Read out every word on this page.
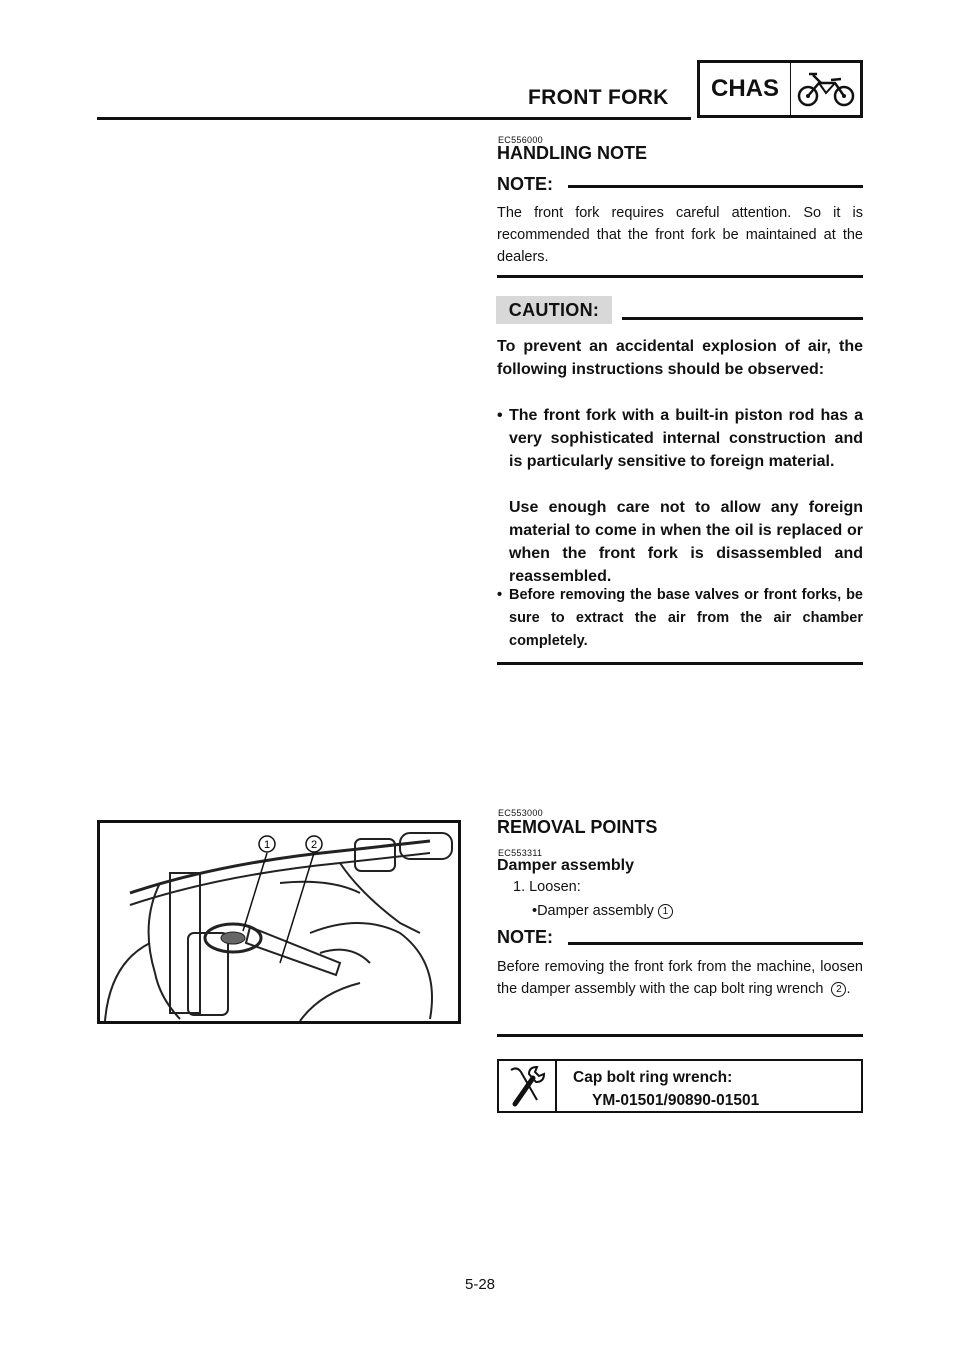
FRONT FORK	CHAS
EC556000
HANDLING NOTE
NOTE:
The front fork requires careful attention. So it is recommended that the front fork be maintained at the dealers.
CAUTION:
To prevent an accidental explosion of air, the following instructions should be observed:
• The front fork with a built-in piston rod has a very sophisticated internal construction and is particularly sensitive to foreign material.
Use enough care not to allow any foreign material to come in when the oil is replaced or when the front fork is disassembled and reassembled.
• Before removing the base valves or front forks, be sure to extract the air from the air chamber completely.
1	2
EC553000
REMOVAL POINTS
EC553311
Damper assembly
1. Loosen:
•Damper assembly 1
NOTE:
Before removing the front fork from the machine, loosen the damper assembly with the cap bolt ring wrench 2 .
Cap bolt ring wrench:
YM-01501/90890-01501
5-28
